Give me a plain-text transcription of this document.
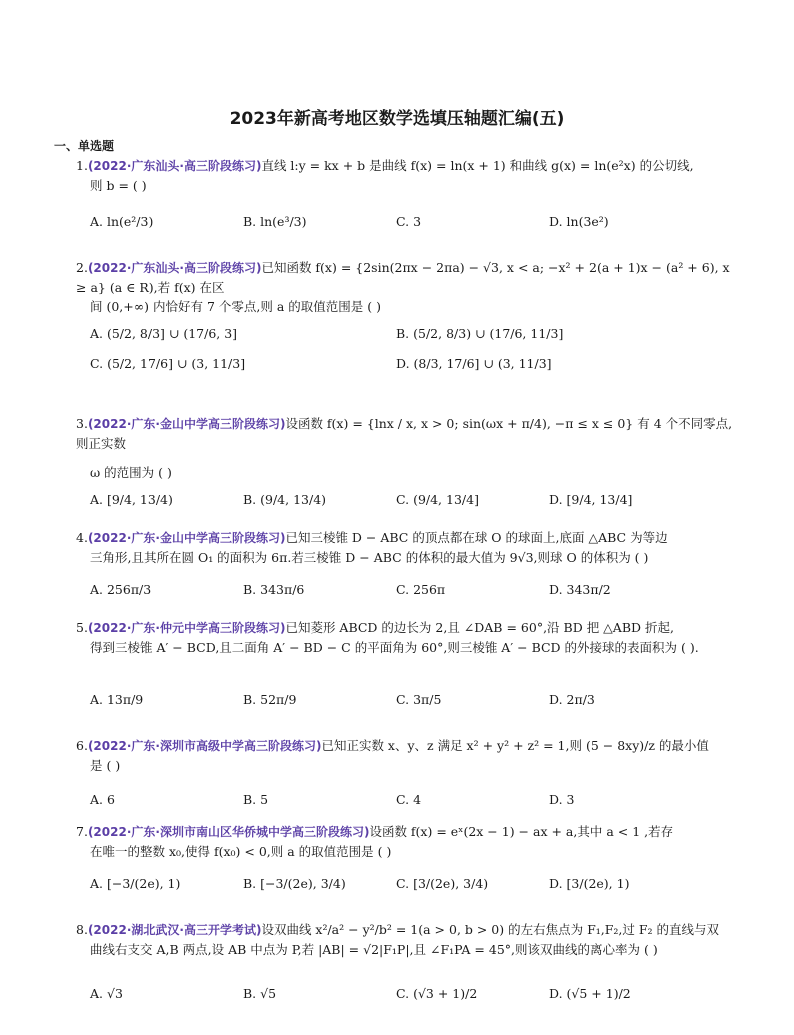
2023年新高考地区数学选填压轴题汇编(五)
一、单选题
1.(2022·广东汕头·高三阶段练习)直线 l:y = kx + b 是曲线 f(x) = ln(x + 1) 和曲线 g(x) = ln(e²x) 的公切线,
则 b = ( )
A. ln(e²/3)	B. ln(e³/3)	C. 3	D. ln(3e²)
2.(2022·广东汕头·高三阶段练习)已知函数 f(x) = {2sin(2πx − 2πa) − √3, x < a; −x² + 2(a + 1)x − (a² + 6), x ≥ a} (a ∈ R),若 f(x) 在区
间 (0,+∞) 内恰好有 7 个零点,则 a 的取值范围是 ( )
A. (5/2, 8/3] ∪ (17/6, 3]	B. (5/2, 8/3) ∪ (17/6, 11/3]
C. (5/2, 17/6] ∪ (3, 11/3]	D. (8/3, 17/6] ∪ (3, 11/3]
3.(2022·广东·金山中学高三阶段练习)设函数 f(x) = {lnx / x, x > 0; sin(ωx + π/4), −π ≤ x ≤ 0} 有 4 个不同零点,则正实数
ω 的范围为 ( )
A. [9/4, 13/4)	B. (9/4, 13/4)	C. (9/4, 13/4]	D. [9/4, 13/4]
4.(2022·广东·金山中学高三阶段练习)已知三棱锥 D − ABC 的顶点都在球 O 的球面上,底面 △ABC 为等边
三角形,且其所在圆 O₁ 的面积为 6π.若三棱锥 D − ABC 的体积的最大值为 9√3,则球 O 的体积为 ( )
A. 256π/3	B. 343π/6	C. 256π	D. 343π/2
5.(2022·广东·仲元中学高三阶段练习)已知菱形 ABCD 的边长为 2,且 ∠DAB = 60°,沿 BD 把 △ABD 折起,
得到三棱锥 A′ − BCD,且二面角 A′ − BD − C 的平面角为 60°,则三棱锥 A′ − BCD 的外接球的表面积为 ( ).
A. 13π/9	B. 52π/9	C. 3π/5	D. 2π/3
6.(2022·广东·深圳市高级中学高三阶段练习)已知正实数 x、y、z 满足 x² + y² + z² = 1,则 (5 − 8xy)/z 的最小值
是 ( )
A. 6	B. 5	C. 4	D. 3
7.(2022·广东·深圳市南山区华侨城中学高三阶段练习)设函数 f(x) = eˣ(2x − 1) − ax + a,其中 a < 1 ,若存
在唯一的整数 x₀,使得 f(x₀) < 0,则 a 的取值范围是 ( )
A. [−3/(2e), 1)	B. [−3/(2e), 3/4)	C. [3/(2e), 3/4)	D. [3/(2e), 1)
8.(2022·湖北武汉·高三开学考试)设双曲线 x²/a² − y²/b² = 1(a > 0, b > 0) 的左右焦点为 F₁,F₂,过 F₂ 的直线与双
曲线右支交 A,B 两点,设 AB 中点为 P,若 |AB| = √2|F₁P|,且 ∠F₁PA = 45°,则该双曲线的离心率为 ( )
A. √3	B. √5	C. (√3 + 1)/2	D. (√5 + 1)/2
